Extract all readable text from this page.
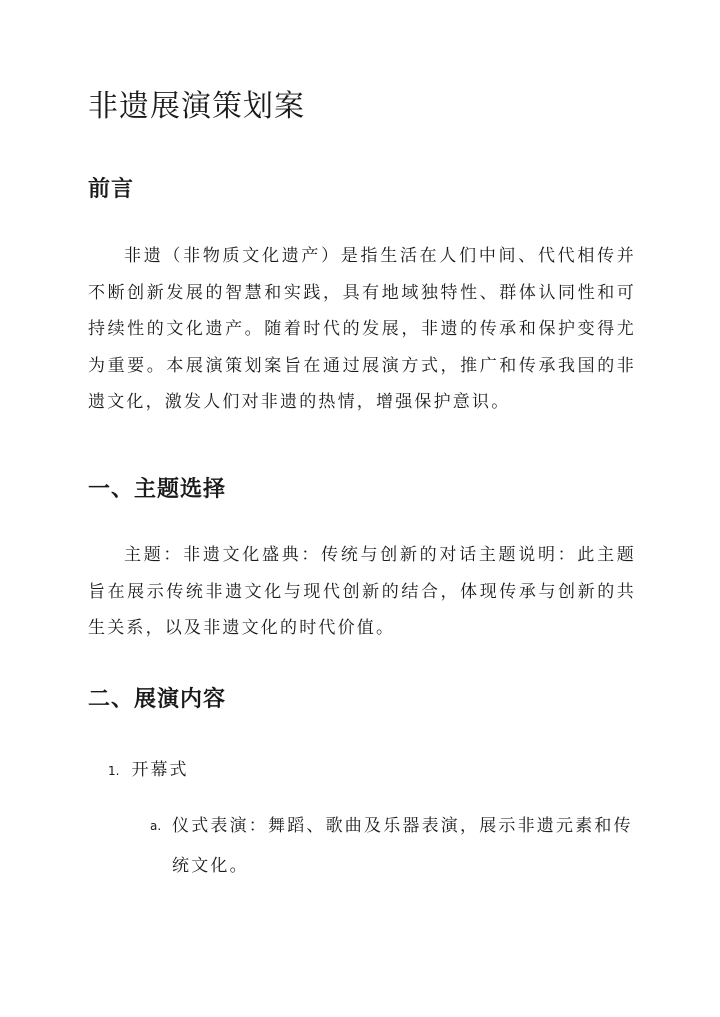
非遗展演策划案
前言

非遗（非物质文化遗产）是指生活在人们中间、代代相传并不断创新发展的智慧和实践，具有地域独特性、群体认同性和可持续性的文化遗产。随着时代的发展，非遗的传承和保护变得尤为重要。本展演策划案旨在通过展演方式，推广和传承我国的非遗文化，激发人们对非遗的热情，增强保护意识。

一、主题选择

主题：非遗文化盛典：传统与创新的对话主题说明：此主题旨在展示传统非遗文化与现代创新的结合，体现传承与创新的共生关系，以及非遗文化的时代价值。

二、展演内容
1. 开幕式
a. 仪式表演：舞蹈、歌曲及乐器表演，展示非遗元素和传统文化。
